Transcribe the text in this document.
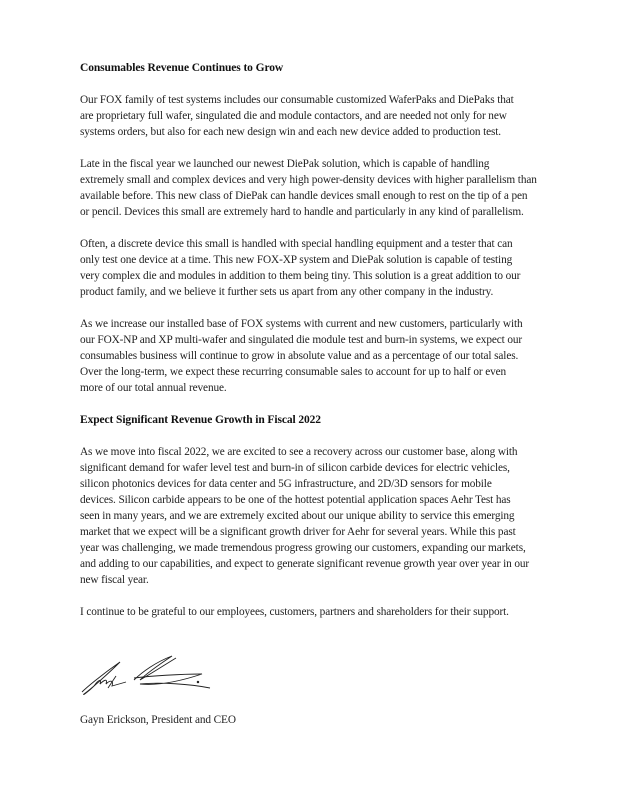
Consumables Revenue Continues to Grow
Our FOX family of test systems includes our consumable customized WaferPaks and DiePaks that
are proprietary full wafer, singulated die and module contactors, and are needed not only for new
systems orders, but also for each new design win and each new device added to production test.
Late in the fiscal year we launched our newest DiePak solution, which is capable of handling
extremely small and complex devices and very high power-density devices with higher parallelism than
available before. This new class of DiePak can handle devices small enough to rest on the tip of a pen
or pencil. Devices this small are extremely hard to handle and particularly in any kind of parallelism.
Often, a discrete device this small is handled with special handling equipment and a tester that can
only test one device at a time. This new FOX-XP system and DiePak solution is capable of testing
very complex die and modules in addition to them being tiny. This solution is a great addition to our
product family, and we believe it further sets us apart from any other company in the industry.
As we increase our installed base of FOX systems with current and new customers, particularly with
our FOX-NP and XP multi-wafer and singulated die module test and burn-in systems, we expect our
consumables business will continue to grow in absolute value and as a percentage of our total sales.
Over the long-term, we expect these recurring consumable sales to account for up to half or even
more of our total annual revenue.
Expect Significant Revenue Growth in Fiscal 2022
As we move into fiscal 2022, we are excited to see a recovery across our customer base, along with
significant demand for wafer level test and burn-in of silicon carbide devices for electric vehicles,
silicon photonics devices for data center and 5G infrastructure, and 2D/3D sensors for mobile
devices. Silicon carbide appears to be one of the hottest potential application spaces Aehr Test has
seen in many years, and we are extremely excited about our unique ability to service this emerging
market that we expect will be a significant growth driver for Aehr for several years. While this past
year was challenging, we made tremendous progress growing our customers, expanding our markets,
and adding to our capabilities, and expect to generate significant revenue growth year over year in our
new fiscal year.
I continue to be grateful to our employees, customers, partners and shareholders for their support.
Gayn Erickson, President and CEO
